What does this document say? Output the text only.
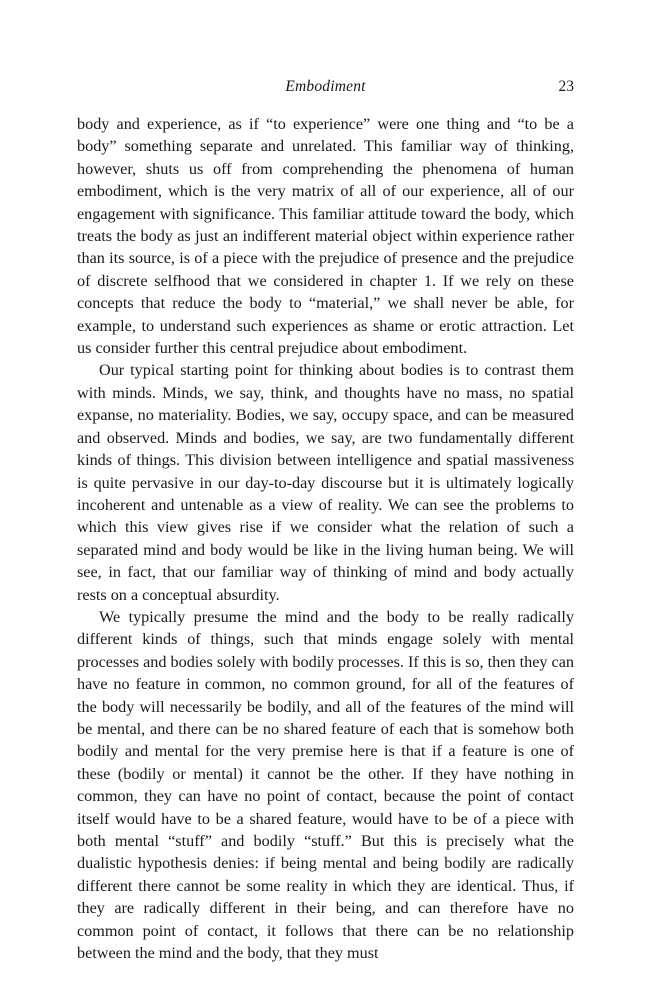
Embodiment	23

body and experience, as if “to experience” were one thing and “to be a body” something separate and unrelated. This familiar way of thinking, however, shuts us off from comprehending the phenomena of human embodiment, which is the very matrix of all of our experience, all of our engagement with significance. This familiar attitude toward the body, which treats the body as just an indifferent material object within experience rather than its source, is of a piece with the prejudice of presence and the prejudice of discrete selfhood that we considered in chapter 1. If we rely on these concepts that reduce the body to “material,” we shall never be able, for example, to understand such experiences as shame or erotic attraction. Let us consider further this central prejudice about embodiment.

Our typical starting point for thinking about bodies is to contrast them with minds. Minds, we say, think, and thoughts have no mass, no spatial expanse, no materiality. Bodies, we say, occupy space, and can be measured and observed. Minds and bodies, we say, are two fundamentally different kinds of things. This division between intelligence and spatial massiveness is quite pervasive in our day-to-day discourse but it is ultimately logically incoherent and untenable as a view of reality. We can see the problems to which this view gives rise if we consider what the relation of such a separated mind and body would be like in the living human being. We will see, in fact, that our familiar way of thinking of mind and body actually rests on a conceptual absurdity.

We typically presume the mind and the body to be really radically different kinds of things, such that minds engage solely with mental processes and bodies solely with bodily processes. If this is so, then they can have no feature in common, no common ground, for all of the features of the body will necessarily be bodily, and all of the features of the mind will be mental, and there can be no shared feature of each that is somehow both bodily and mental for the very premise here is that if a feature is one of these (bodily or mental) it cannot be the other. If they have nothing in common, they can have no point of contact, because the point of contact itself would have to be a shared feature, would have to be of a piece with both mental “stuff” and bodily “stuff.” But this is precisely what the dualistic hypothesis denies: if being mental and being bodily are radically different there cannot be some reality in which they are identical. Thus, if they are radically different in their being, and can therefore have no common point of contact, it follows that there can be no relationship between the mind and the body, that they must
